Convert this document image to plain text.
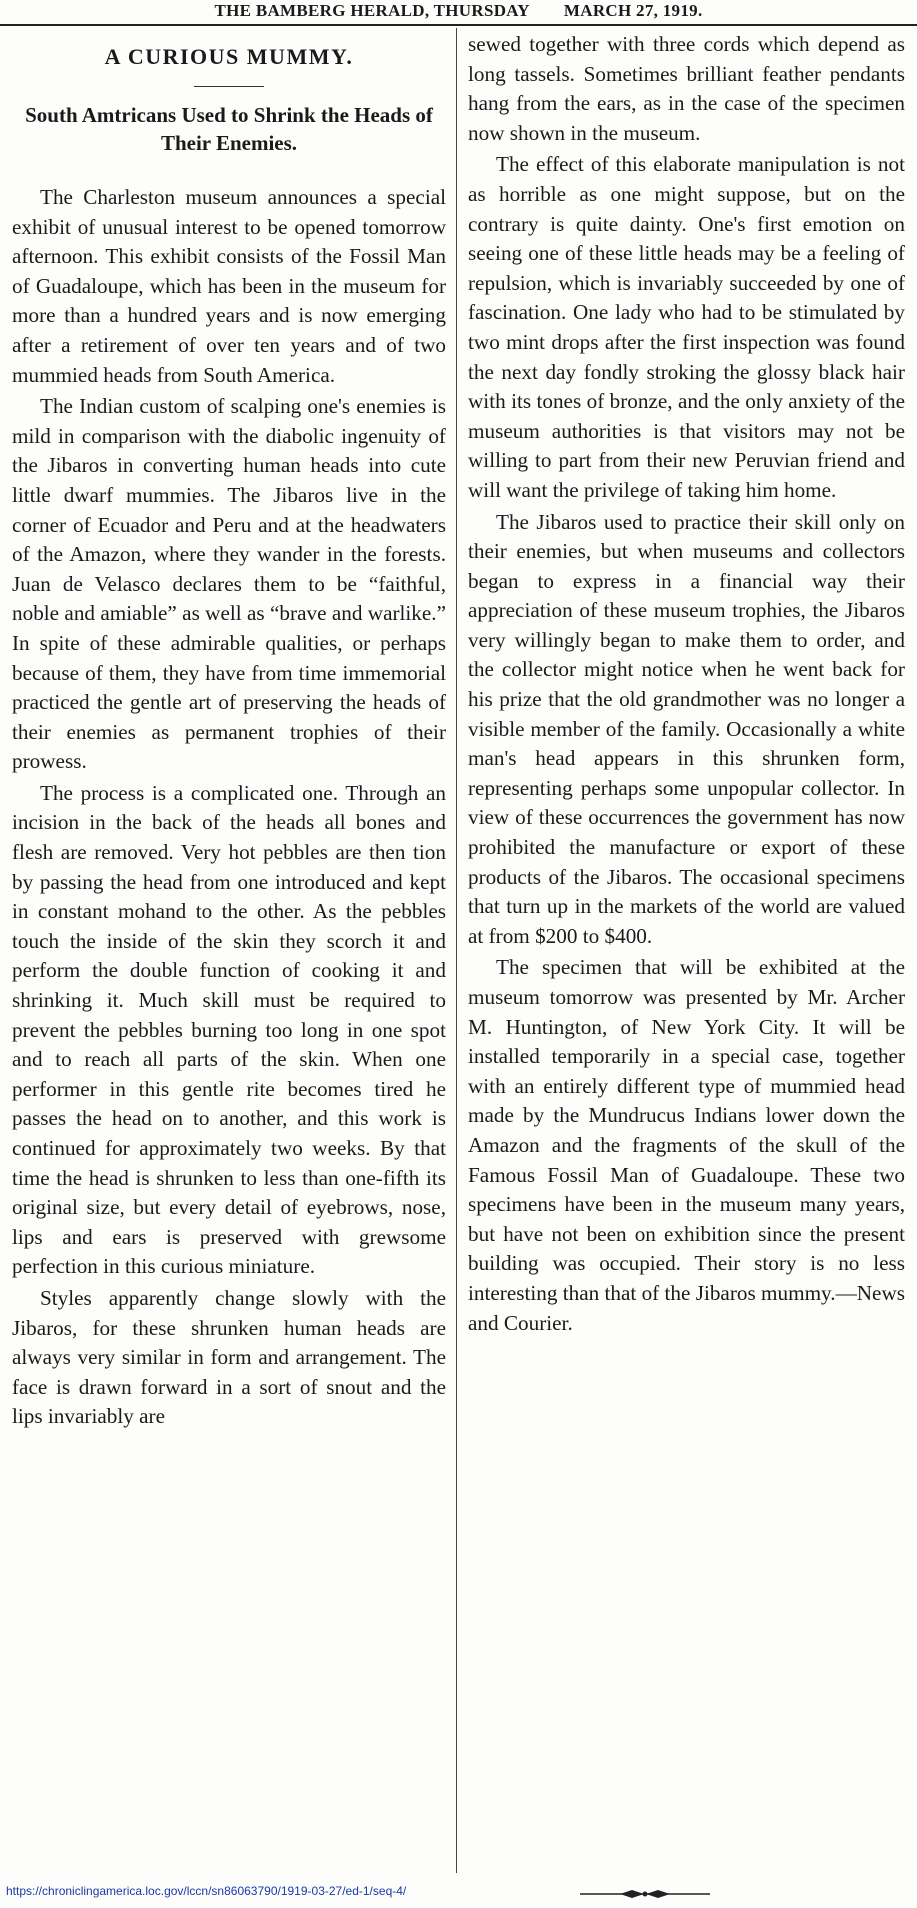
THE BAMBERG HERALD, THURSDAY MARCH 27, 1919.
A CURIOUS MUMMY.
South Amtricans Used to Shrink the Heads of Their Enemies.

The Charleston museum announces a special exhibit of unusual interest to be opened tomorrow afternoon. This exhibit consists of the Fossil Man of Guadaloupe, which has been in the museum for more than a hundred years and is now emerging after a retirement of over ten years and of two mummied heads from South America.

The Indian custom of scalping one's enemies is mild in comparison with the diabolic ingenuity of the Jibaros in converting human heads into cute little dwarf mummies. The Jibaros live in the corner of Ecuador and Peru and at the headwaters of the Amazon, where they wander in the forests. Juan de Velasco declares them to be “faithful, noble and amiable” as well as “brave and warlike.” In spite of these admirable qualities, or perhaps because of them, they have from time immemorial practiced the gentle art of preserving the heads of their enemies as permanent trophies of their prowess.

The process is a complicated one. Through an incision in the back of the heads all bones and flesh are removed. Very hot pebbles are then tion by passing the head from one introduced and kept in constant mohand to the other. As the pebbles touch the inside of the skin they scorch it and perform the double function of cooking it and shrinking it. Much skill must be required to prevent the pebbles burning too long in one spot and to reach all parts of the skin. When one performer in this gentle rite becomes tired he passes the head on to another, and this work is continued for approximately two weeks. By that time the head is shrunken to less than one-fifth its original size, but every detail of eyebrows, nose, lips and ears is preserved with grewsome perfection in this curious miniature.

Styles apparently change slowly with the Jibaros, for these shrunken human heads are always very similar in form and arrangement. The face is drawn forward in a sort of snout and the lips invariably are

sewed together with three cords which depend as long tassels. Sometimes brilliant feather pendants hang from the ears, as in the case of the specimen now shown in the museum.

The effect of this elaborate manipulation is not as horrible as one might suppose, but on the contrary is quite dainty. One's first emotion on seeing one of these little heads may be a feeling of repulsion, which is invariably succeeded by one of fascination. One lady who had to be stimulated by two mint drops after the first inspection was found the next day fondly stroking the glossy black hair with its tones of bronze, and the only anxiety of the museum authorities is that visitors may not be willing to part from their new Peruvian friend and will want the privilege of taking him home.

The Jibaros used to practice their skill only on their enemies, but when museums and collectors began to express in a financial way their appreciation of these museum trophies, the Jibaros very willingly began to make them to order, and the collector might notice when he went back for his prize that the old grandmother was no longer a visible member of the family. Occasionally a white man's head appears in this shrunken form, representing perhaps some unpopular collector. In view of these occurrences the government has now prohibited the manufacture or export of these products of the Jibaros. The occasional specimens that turn up in the markets of the world are valued at from $200 to $400.

The specimen that will be exhibited at the museum tomorrow was presented by Mr. Archer M. Huntington, of New York City. It will be installed temporarily in a special case, together with an entirely different type of mummied head made by the Mundrucus Indians lower down the Amazon and the fragments of the skull of the Famous Fossil Man of Guadaloupe. These two specimens have been in the museum many years, but have not been on exhibition since the present building was occupied. Their story is no less interesting than that of the Jibaros mummy.—News and Courier.

https://chroniclingamerica.loc.gov/lccn/sn86063790/1919-03-27/ed-1/seq-4/
